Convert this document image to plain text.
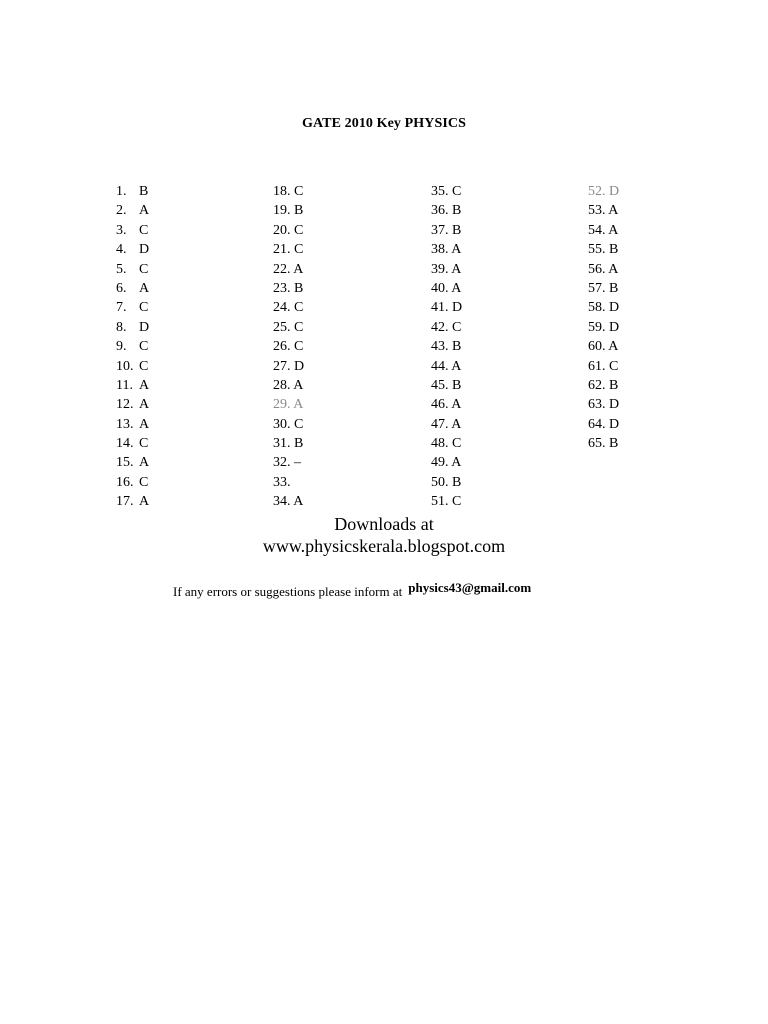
GATE 2010 Key PHYSICS
1. B
2. A
3. C
4. D
5. C
6. A
7. C
8. D
9. C
10. C
11. A
12. A
13. A
14. C
15. A
16. C
17. A
18. C
19. B
20. C
21. C
22. A
23. B
24. C
25. C
26. C
27. D
28. A
29. A
30. C
31. B
32. –
33.
34. A
35. C
36. B
37. B
38. A
39. A
40. A
41. D
42. C
43. B
44. A
45. B
46. A
47. A
48. C
49. A
50. B
51. C
52. D
53. A
54. A
55. B
56. A
57. B
58. D
59. D
60. A
61. C
62. B
63. D
64. D
65. B
Downloads at
www.physicskerala.blogspot.com
If any errors or suggestions please inform at physics43@gmail.com
